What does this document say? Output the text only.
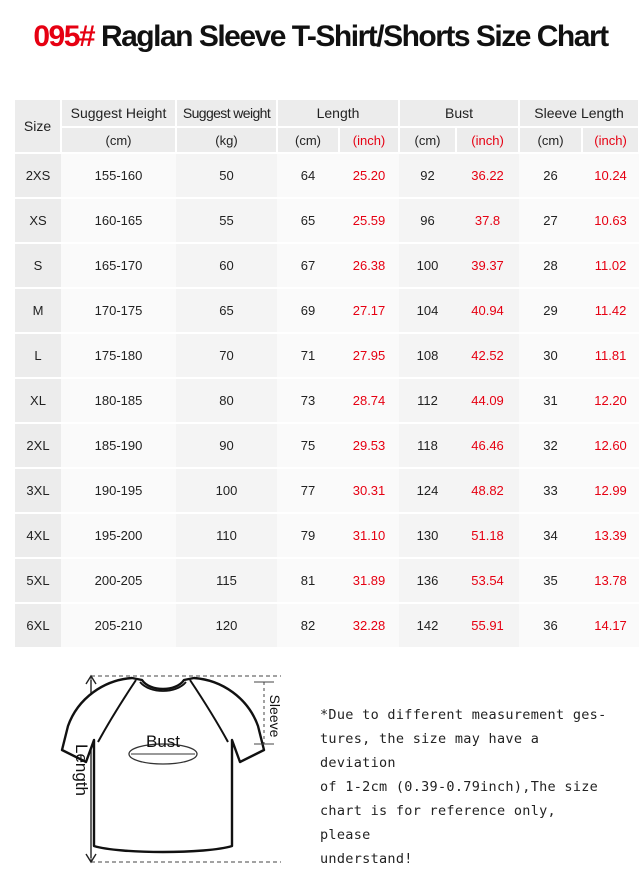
095# Raglan Sleeve T-Shirt/Shorts Size Chart
Size	Suggest Height	Suggest weight	Length		Bust		Sleeve Length	
	(cm)	(kg)	(cm)	(inch)	(cm)	(inch)	(cm)	(inch)
2XS	155-160	50	64	25.20	92	36.22	26	10.24
XS	160-165	55	65	25.59	96	37.8	27	10.63
S	165-170	60	67	26.38	100	39.37	28	11.02
M	170-175	65	69	27.17	104	40.94	29	11.42
L	175-180	70	71	27.95	108	42.52	30	11.81
XL	180-185	80	73	28.74	112	44.09	31	12.20
2XL	185-190	90	75	29.53	118	46.46	32	12.60
3XL	190-195	100	77	30.31	124	48.82	33	12.99
4XL	195-200	110	79	31.10	130	51.18	34	13.39
5XL	200-205	115	81	31.89	136	53.54	35	13.78
6XL	205-210	120	82	32.28	142	55.91	36	14.17
Bust
Length
Sleeve	*Due to different measurement ges-
tures, the size may have a deviation
of 1-2cm (0.39-0.79inch),The size
chart is for reference only, please
understand!
